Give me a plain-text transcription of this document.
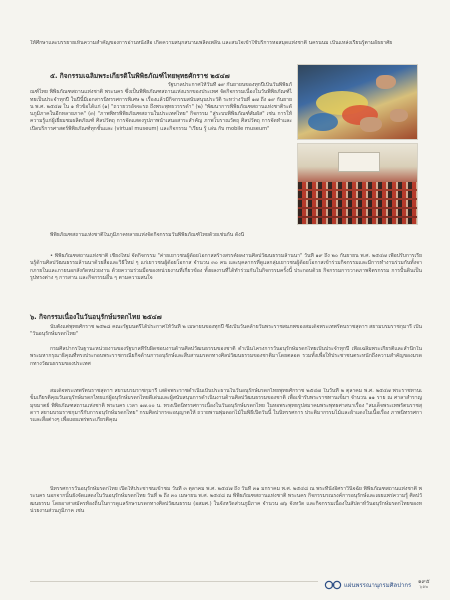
ให้ศึกษาและบรรยายเห็นความสำคัญของการอ่านหนังสือ เกิดความสนุกสนานเพลิดเพลิน และสนใจเข้าใช้บริการหอสมุดแห่งชาติ นครนนม เป็นแหล่งเรียนรู้ตามอัธยาศัย
๕. กิจกรรมเฉลิมพระเกียรติในพิพิธภัณฑ์ไทยพุทธศักราช ๒๕๔๗
รัฐบาลประกาศให้วันที่ ๑๙ กันยายนของทุกปีเป็นวันพิพิธภัณฑ์ไทย พิพิธภัณฑสถานแห่งชาติ พระนคร ซึ่งเป็นพิพิธภัณฑสถานแห่งแรกของประเทศ จัดกิจกรรมเนื่องในวันพิพิธภัณฑ์ไทยเป็นประจำทุกปี ในปีนี้มีเอกสารนิทรรศการพิเศษ ๒ เรื่องแล้วมีกิจกรรมสนับสนุนประวัติ ระหว่างวันที่ ๑๗ ถึง ๑๙ กันยายน พ.ศ. ๒๕๔๗ ใน ๑ หัวข้อได้แก่ (๑) "ถวายวรอัจจะรถ ถึงพระพุทธวรรรดำ" (๒) "พัฒนาการพิพิธภัณฑสถานแห่งชาติระดับภูมิภาคในอีกหลายภาค" (๓) "ภาพพิทรพิพิธภัณฑสถานในประเทศไทย" กิจกรรม "สู่ระบบพิพิธภัณฑ์สัมผัส" เช่น การให้ความรู้แก่ผู้เยี่ยมชมผลิตภัณฑ์ ศิลปวัตถุ การจัดแสดงรูปภาพนำเสนอสาระสำคัญ ภาพโบราณวัตถุ ศิลปวัตถุ การจัดทำและเปิดบริการศาสตร์พิพิธภัณฑ์ทุกชั้นและ (virtual museum) และกิจกรรม "เรียน รู้ เล่น กับ mobile museum"
พิพิธภัณฑสถานแห่งชาติในภูมิภาคหลายแห่งจัดกิจกรรมวันพิพิธภัณฑ์ไทยด้วยเช่นกัน ดังนี้
• พิพิธภัณฑสถานแห่งชาติ เชียงใหม่ จัดกิจกรรม "ค่ายเยาวชนผู้ด้อยโอกาสสร้างสรรค์ผลงานศิลปวัฒนธรรมล้านนา" วันที่ ๑๙ ถึง ๒๐ กันยายน พ.ศ. ๒๕๔๗ เพื่อปรับการเรียนรู้ด้านศิลปวัฒนธรรมล้านนาด้วยสื่อและวิธีใหม่ ๆ แก่เยาวชนผู้ด้อยโอกาส จำนวน ๓๐ คน และบุคลากรที่ดูแลกลุ่มเยาวชนผู้ด้อยโอกาสเข้าร่วมกิจกรรมและมีการทำงานร่วมกันทั้งจากภายในและภายนอกสังกัดหน่วยงาน ด้วยความร่วมมือของหน่วยงานที่เกี่ยวข้อง ทั้งผลงานที่ได้ทำร่วมกันในกิจกรรมครั้งนี้ ประกอบด้วย กิจกรรมการวาดภาพจิตรกรรม การปั้นดินเป็นรูปทรงต่าง ๆ การสาน และกิจกรรมอื่น ๆ ตามความสนใจ
๖. กิจกรรมเนื่องในวันอนุรักษ์มรดกไทย ๒๕๔๗
นับตั้งแต่พุทธศักราช ๒๕๒๘ คณะรัฐมนตรีได้ประกาศให้วันที่ ๒ เมษายนของทุกปี ซึ่งเป็นวันคล้ายวันพระราชสมภพของสมเด็จพระเทพรัตนราชสุดาฯ สยามบรมราชกุมารี เป็น "วันอนุรักษ์มรดกไทย"
กรมศิลปากรในฐานะหน่วยงานของรัฐบาลที่รับผิดชอบงานด้านศิลปวัฒนธรรมของชาติ ดำเนินโครงการวันอนุรักษ์มรดกไทยเป็นประจำทุกปี เพื่อเฉลิมพระเกียรติและสำนึกในพระมหากรุณาธิคุณที่ทรงประกอบพระราชกรณียกิจด้านการอนุรักษ์และสืบสานมรดกทางศิลปวัฒนธรรมของชาติมาโดยตลอด รวมทั้งเพื่อให้ประชาชนตระหนักถึงความสำคัญของมรดกทางวัฒนธรรมของประเทศ
สมเด็จพระเทพรัตนราชสุดาฯ สยามบรมราชกุมารี เสด็จพระราชดำเนินเป็นประธานในวันอนุรักษ์มรดกไทยพุทธศักราช ๒๕๔๗ ในวันที่ ๒ ตุลาคม พ.ศ. ๒๕๔๗ พระราชทานเข็มเกียรติคุณวันอนุรักษ์มรดกไทยแก่ผู้อนุรักษ์มรดกไทยดีเด่นและผู้สนับสนุนการดำเนินงานด้านศิลปวัฒนธรรมของชาติ เพื่อเข้ารับพระราชทานเข็มฯ จำนวน ๑๑ ราย ณ ศาลาสำราญมุขมาตย์ พิพิธภัณฑสถานแห่งชาติ พระนคร เวลา ๑๗.๐๐ น. ทรงเปิดนิทรรศการเนื่องในวันอนุรักษ์มรดกไทย ในหอพระพุทธรูปสมาคมพระพุทธศาสนาเรื่อง "สมเด็จพระเทพรัตนราชสุดาฯ สยามบรมราชกุมารีกับการอนุรักษ์มรดกไทย" กรมศิลปากรจะอนุญาตให้ ถวายพานพุ่มดอกไม้ในพิธีเปิดวันนี้ ในนิทรรศการ ประติมากรรมไม้และผ้าแดงในเนื้อเรื่อง ภาพนิทรรศการและสื่อต่างๆ เพื่อเผยแพร่พระเกียรติคุณ
นิทรรศการวันอนุรักษ์มรดกไทย เปิดให้ประชาชนเข้าชม วันที่ ๓ ตุลาคม พ.ศ. ๒๕๔๗ ถึง วันที่ ๓๑ มกราคม พ.ศ. ๒๕๔๘ ณ พระที่นั่งอิศราวินิจฉัย พิพิธภัณฑสถานแห่งชาติ พระนคร นอกจากนั้นยังจัดแสดงในวันอนุรักษ์มรดกไทย วันที่ ๒ ถึง ๓๐ เมษายน พ.ศ. ๒๕๔๘ ณ พิพิธภัณฑสถานแห่งชาติ พระนคร กิจกรรมรณรงค์การอนุรักษ์และเผยแพร่ความรู้ ศิลปวัฒนธรรม โดยอาสาสมัครท้องถิ่นในการดูแลรักษามรดกทางศิลปวัฒนธรรม (อสมศ.) ในจังหวัดส่วนภูมิภาค จำนวน ๗๖ จังหวัด และกิจกรรมเนื่องในสัปดาห์วันอนุรักษ์มรดกไทยของหน่วยงานส่วนภูมิภาค เช่น
แผ่นพรรณานุกรมศิลปากร ๑๙๕
๖๑๒
